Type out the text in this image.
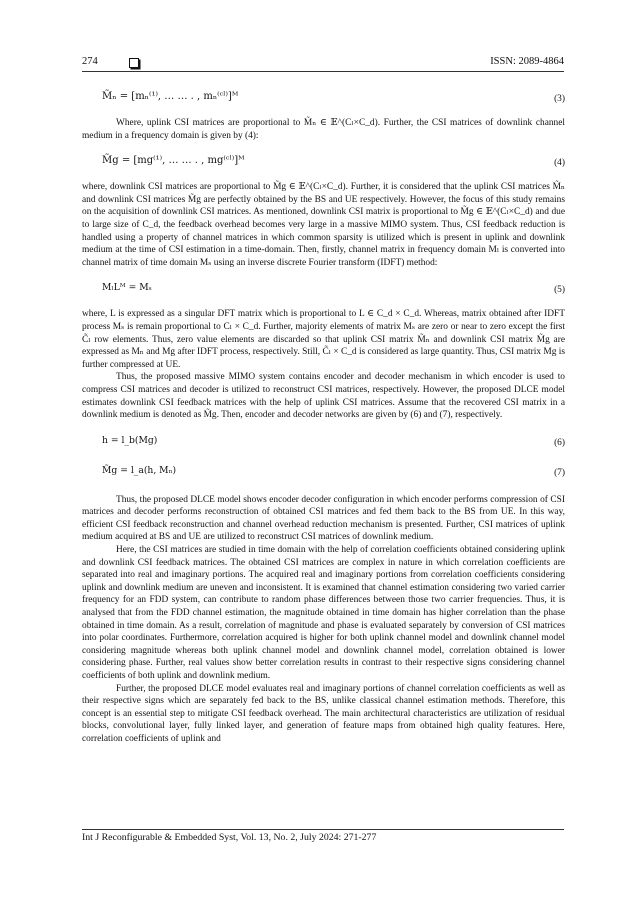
274	ISSN: 2089-4864
M̃ₙ = [mₙ⁽¹⁾, … … . , mₙ⁽ᶜˡ⁾]ᴹ	(3)

Where, uplink CSI matrices are proportional to M̃ₙ ∈ 𝔼^(Cₗ×C_d). Further, the CSI matrices of downlink channel medium in a frequency domain is given by (4):

M̃g = [mg⁽¹⁾, … … . , mg⁽ᶜˡ⁾]ᴹ	(4)

where, downlink CSI matrices are proportional to M̃g ∈ 𝔼^(Cₗ×C_d). Further, it is considered that the uplink CSI matrices M̃ₙ and downlink CSI matrices M̃g are perfectly obtained by the BS and UE respectively. However, the focus of this study remains on the acquisition of downlink CSI matrices. As mentioned, downlink CSI matrix is proportional to M̃g ∈ 𝔼^(Cₗ×C_d) and due to large size of C_d, the feedback overhead becomes very large in a massive MIMO system. Thus, CSI feedback reduction is handled using a property of channel matrices in which common sparsity is utilized which is present in uplink and downlink medium at the time of CSI estimation in a time-domain. Then, firstly, channel matrix in frequency domain Mₗ is converted into channel matrix of time domain Mₛ using an inverse discrete Fourier transform (IDFT) method:

MₗLᴹ = Mₛ	(5)

where, L is expressed as a singular DFT matrix which is proportional to L ∈ C_d × C_d. Whereas, matrix obtained after IDFT process Mₛ is remain proportional to Cₗ × C_d. Further, majority elements of matrix Mₛ are zero or near to zero except the first C̃ₗ row elements. Thus, zero value elements are discarded so that uplink CSI matrix M̃ₙ and downlink CSI matrix M̃g are expressed as Mₙ and Mg after IDFT process, respectively. Still, C̃ₗ × C_d is considered as large quantity. Thus, CSI matrix Mg is further compressed at UE.

Thus, the proposed massive MIMO system contains encoder and decoder mechanism in which encoder is used to compress CSI matrices and decoder is utilized to reconstruct CSI matrices, respectively. However, the proposed DLCE model estimates downlink CSI feedback matrices with the help of uplink CSI matrices. Assume that the recovered CSI matrix in a downlink medium is denoted as M̃g. Then, encoder and decoder networks are given by (6) and (7), respectively.

h = l_b(Mg)	(6)
M̃g = l_a(h, Mₙ)	(7)

Thus, the proposed DLCE model shows encoder decoder configuration in which encoder performs compression of CSI matrices and decoder performs reconstruction of obtained CSI matrices and fed them back to the BS from UE. In this way, efficient CSI feedback reconstruction and channel overhead reduction mechanism is presented. Further, CSI matrices of uplink medium acquired at BS and UE are utilized to reconstruct CSI matrices of downlink medium.

Here, the CSI matrices are studied in time domain with the help of correlation coefficients obtained considering uplink and downlink CSI feedback matrices. The obtained CSI matrices are complex in nature in which correlation coefficients are separated into real and imaginary portions. The acquired real and imaginary portions from correlation coefficients considering uplink and downlink medium are uneven and inconsistent. It is examined that channel estimation considering two varied carrier frequency for an FDD system, can contribute to random phase differences between those two carrier frequencies. Thus, it is analysed that from the FDD channel estimation, the magnitude obtained in time domain has higher correlation than the phase obtained in time domain. As a result, correlation of magnitude and phase is evaluated separately by conversion of CSI matrices into polar coordinates. Furthermore, correlation acquired is higher for both uplink channel model and downlink channel model considering magnitude whereas both uplink channel model and downlink channel model, correlation obtained is lower considering phase. Further, real values show better correlation results in contrast to their respective signs considering channel coefficients of both uplink and downlink medium.

Further, the proposed DLCE model evaluates real and imaginary portions of channel correlation coefficients as well as their respective signs which are separately fed back to the BS, unlike classical channel estimation methods. Therefore, this concept is an essential step to mitigate CSI feedback overhead. The main architectural characteristics are utilization of residual blocks, convolutional layer, fully linked layer, and generation of feature maps from obtained high quality features. Here, correlation coefficients of uplink and

Int J Reconfigurable & Embedded Syst, Vol. 13, No. 2, July 2024: 271-277
